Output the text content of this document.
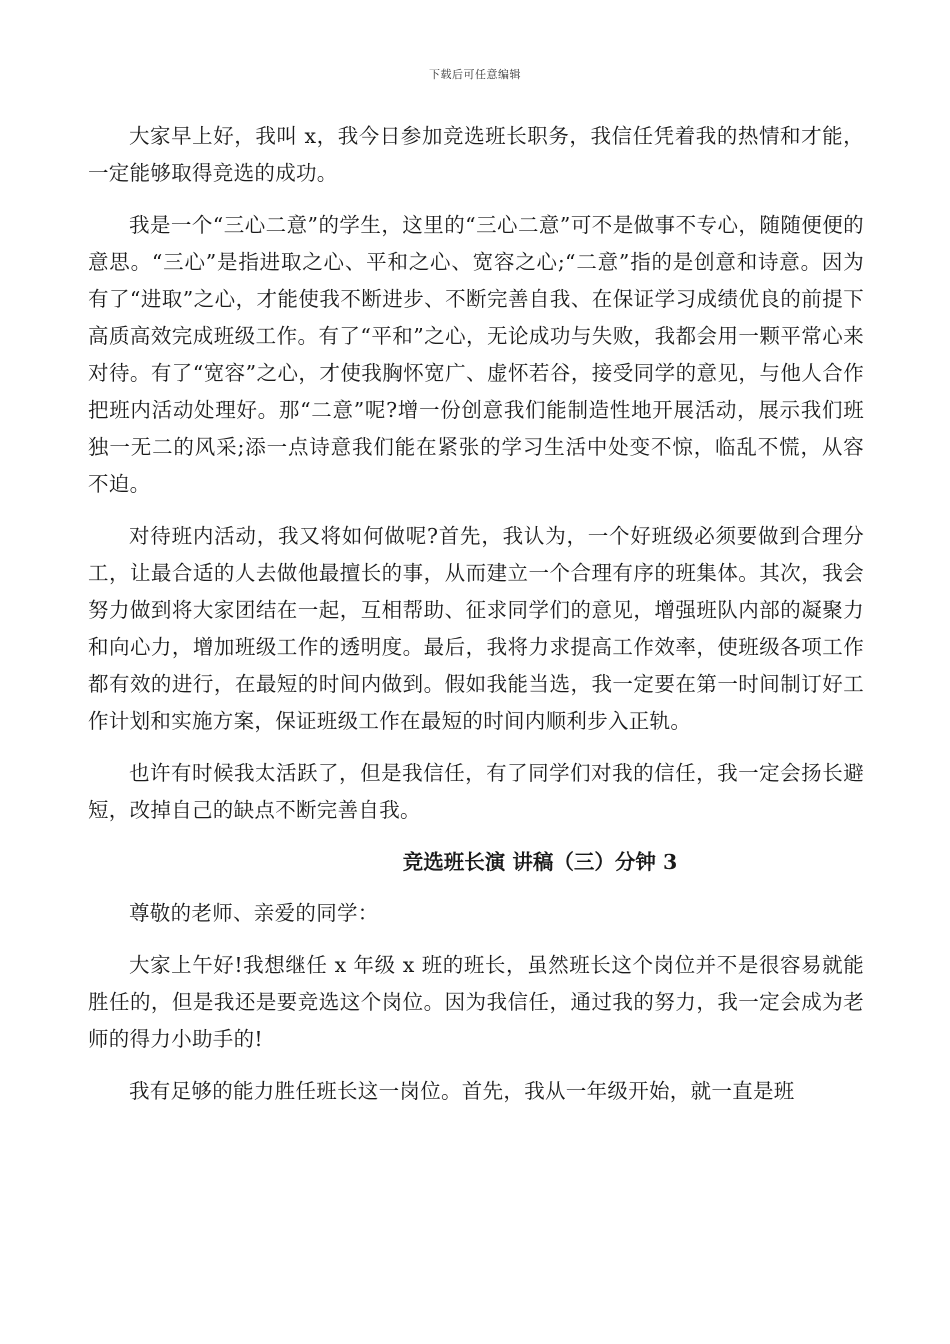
下载后可任意编辑

大家早上好，我叫 x，我今日参加竞选班长职务，我信任凭着我的热情和才能，一定能够取得竞选的成功。

我是一个“三心二意”的学生，这里的“三心二意”可不是做事不专心，随随便便的意思。“三心”是指进取之心、平和之心、宽容之心;“二意”指的是创意和诗意。因为有了“进取”之心，才能使我不断进步、不断完善自我、在保证学习成绩优良的前提下高质高效完成班级工作。有了“平和”之心，无论成功与失败，我都会用一颗平常心来对待。有了“宽容”之心，才使我胸怀宽广、虚怀若谷，接受同学的意见，与他人合作把班内活动处理好。那“二意”呢?增一份创意我们能制造性地开展活动，展示我们班独一无二的风采;添一点诗意我们能在紧张的学习生活中处变不惊，临乱不慌，从容不迫。

对待班内活动，我又将如何做呢?首先，我认为，一个好班级必须要做到合理分工，让最合适的人去做他最擅长的事，从而建立一个合理有序的班集体。其次，我会努力做到将大家团结在一起，互相帮助、征求同学们的意见，增强班队内部的凝聚力和向心力，增加班级工作的透明度。最后，我将力求提高工作效率，使班级各项工作都有效的进行，在最短的时间内做到。假如我能当选，我一定要在第一时间制订好工作计划和实施方案，保证班级工作在最短的时间内顺利步入正轨。

也许有时候我太活跃了，但是我信任，有了同学们对我的信任，我一定会扬长避短，改掉自己的缺点不断完善自我。

竞选班长演 讲稿（三）分钟 3

尊敬的老师、亲爱的同学：

大家上午好!我想继任 x 年级 x 班的班长，虽然班长这个岗位并不是很容易就能胜任的，但是我还是要竞选这个岗位。因为我信任，通过我的努力，我一定会成为老师的得力小助手的!

我有足够的能力胜任班长这一岗位。首先，我从一年级开始，就一直是班
